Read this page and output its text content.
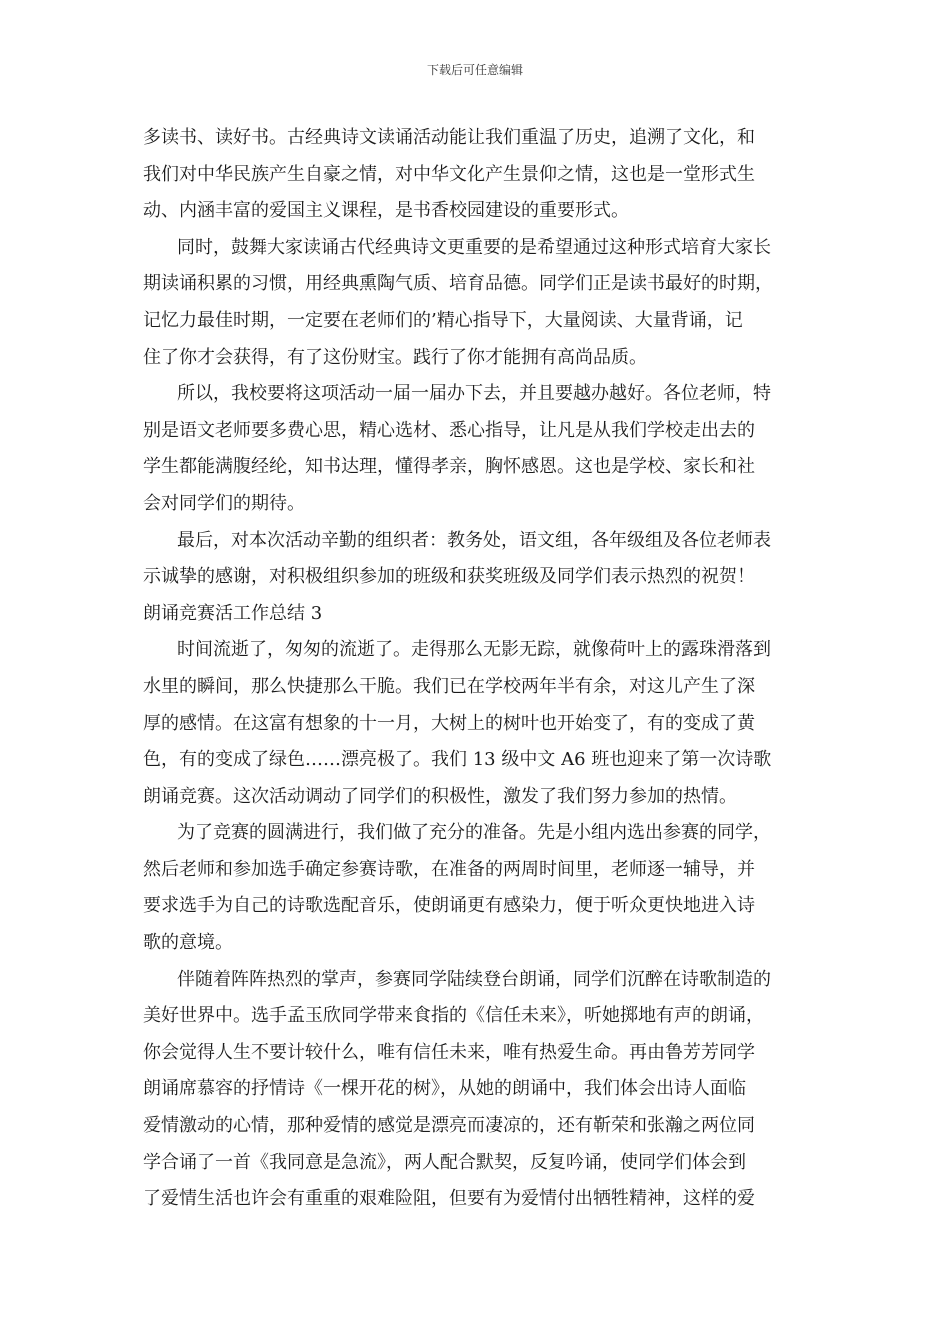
下载后可任意编辑
多读书、读好书。古经典诗文读诵活动能让我们重温了历史，追溯了文化，和
我们对中华民族产生自豪之情，对中华文化产生景仰之情，这也是一堂形式生
动、内涵丰富的爱国主义课程，是书香校园建设的重要形式。
同时，鼓舞大家读诵古代经典诗文更重要的是希望通过这种形式培育大家长
期读诵积累的习惯，用经典熏陶气质、培育品德。同学们正是读书最好的时期，
记忆力最佳时期，一定要在老师们的’精心指导下，大量阅读、大量背诵，记
住了你才会获得，有了这份财宝。践行了你才能拥有高尚品质。
所以，我校要将这项活动一届一届办下去，并且要越办越好。各位老师，特
别是语文老师要多费心思，精心选材、悉心指导，让凡是从我们学校走出去的
学生都能满腹经纶，知书达理，懂得孝亲，胸怀感恩。这也是学校、家长和社
会对同学们的期待。
最后，对本次活动辛勤的组织者：教务处，语文组，各年级组及各位老师表
示诚挚的感谢，对积极组织参加的班级和获奖班级及同学们表示热烈的祝贺！
朗诵竞赛活工作总结 3
时间流逝了，匆匆的流逝了。走得那么无影无踪，就像荷叶上的露珠滑落到
水里的瞬间，那么快捷那么干脆。我们已在学校两年半有余，对这儿产生了深
厚的感情。在这富有想象的十一月，大树上的树叶也开始变了，有的变成了黄
色，有的变成了绿色……漂亮极了。我们 13 级中文 A6 班也迎来了第一次诗歌
朗诵竞赛。这次活动调动了同学们的积极性，激发了我们努力参加的热情。
为了竞赛的圆满进行，我们做了充分的准备。先是小组内选出参赛的同学，
然后老师和参加选手确定参赛诗歌，在准备的两周时间里，老师逐一辅导，并
要求选手为自己的诗歌选配音乐，使朗诵更有感染力，便于听众更快地进入诗
歌的意境。
伴随着阵阵热烈的掌声，参赛同学陆续登台朗诵，同学们沉醉在诗歌制造的
美好世界中。选手孟玉欣同学带来食指的《信任未来》，听她掷地有声的朗诵，
你会觉得人生不要计较什么，唯有信任未来，唯有热爱生命。再由鲁芳芳同学
朗诵席慕容的抒情诗《一棵开花的树》，从她的朗诵中，我们体会出诗人面临
爱情激动的心情，那种爱情的感觉是漂亮而凄凉的，还有靳荣和张瀚之两位同
学合诵了一首《我同意是急流》，两人配合默契，反复吟诵，使同学们体会到
了爱情生活也许会有重重的艰难险阻，但要有为爱情付出牺牲精神，这样的爱
